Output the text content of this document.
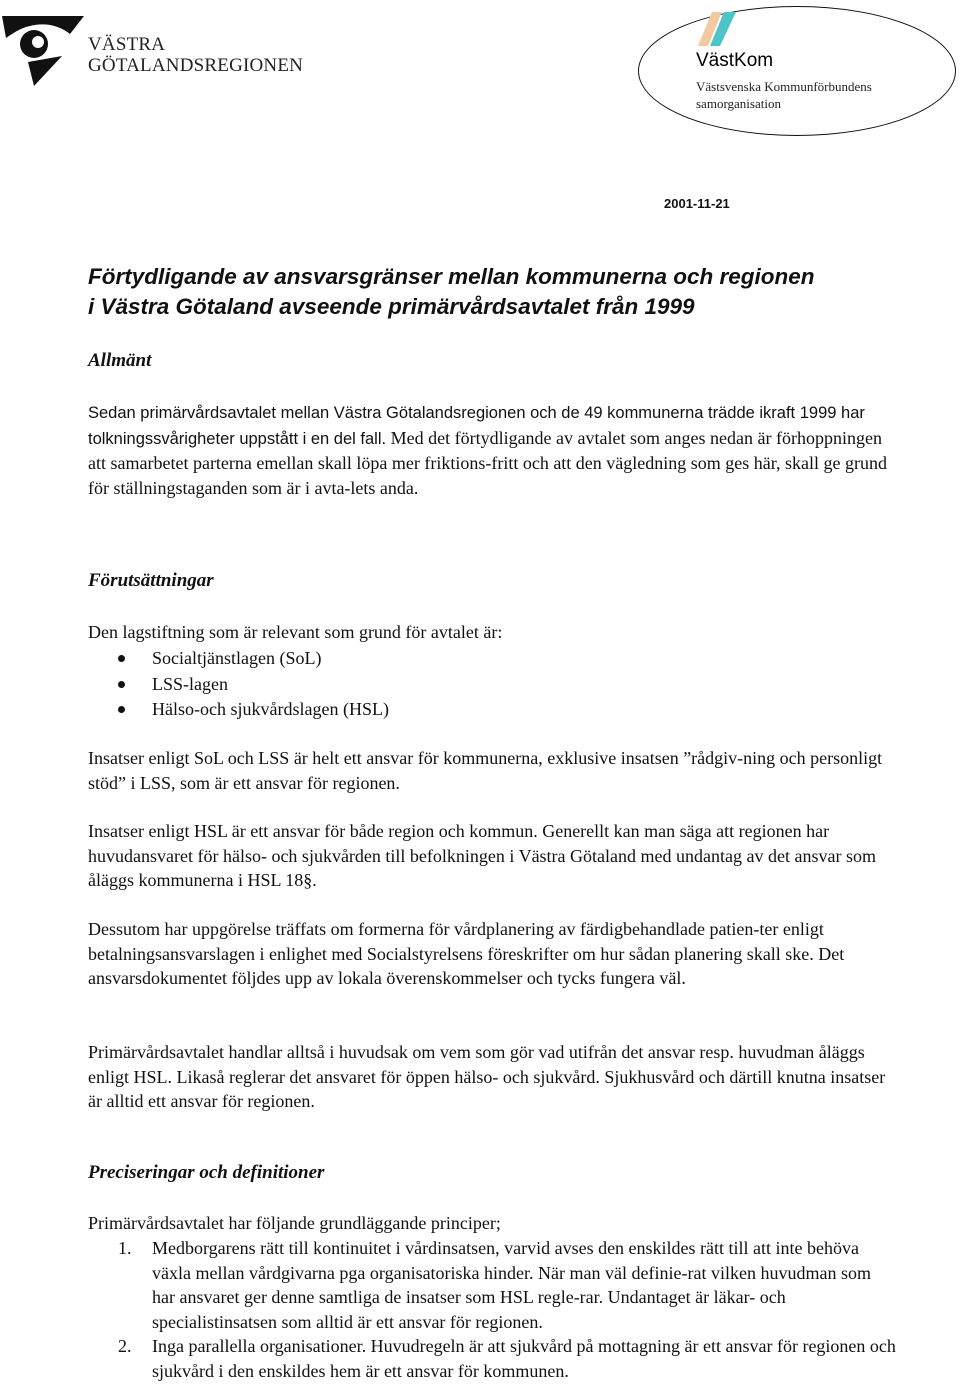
VÄSTRA
GÖTALANDSREGIONEN	VästKom
Västsvenska Kommunförbundens samorganisation
2001-11-21
Förtydligande av ansvarsgränser mellan kommunerna och regionen
i Västra Götaland avseende primärvårdsavtalet från 1999
Allmänt
Sedan primärvårdsavtalet mellan Västra Götalandsregionen och de 49 kommunerna trädde ikraft 1999 har tolkningssvårigheter uppstått i en del fall. Med det förtydligande av avtalet som anges nedan är förhoppningen att samarbetet parterna emellan skall löpa mer friktions-fritt och att den vägledning som ges här, skall ge grund för ställningstaganden som är i avta-lets anda.
Förutsättningar
Den lagstiftning som är relevant som grund för avtalet är:
Socialtjänstlagen (SoL)
LSS-lagen
Hälso-och sjukvårdslagen (HSL)
Insatser enligt SoL och LSS är helt ett ansvar för kommunerna, exklusive insatsen ”rådgiv-ning och personligt stöd” i LSS, som är ett ansvar för regionen.
Insatser enligt HSL är ett ansvar för både region och kommun. Generellt kan man säga att regionen har huvudansvaret för hälso- och sjukvården till befolkningen i Västra Götaland med undantag av det ansvar som åläggs kommunerna i HSL 18§.
Dessutom har uppgörelse träffats om formerna för vårdplanering av färdigbehandlade patien-ter enligt betalningsansvarslagen i enlighet med Socialstyrelsens föreskrifter om hur sådan planering skall ske. Det ansvarsdokumentet följdes upp av lokala överenskommelser och tycks fungera väl.
Primärvårdsavtalet handlar alltså i huvudsak om vem som gör vad utifrån det ansvar resp. huvudman åläggs enligt HSL. Likaså reglerar det ansvaret för öppen hälso- och sjukvård. Sjukhusvård och därtill knutna insatser är alltid ett ansvar för regionen.
Preciseringar och definitioner
Primärvårdsavtalet har följande grundläggande principer;
1. Medborgarens rätt till kontinuitet i vårdinsatsen, varvid avses den enskildes rätt till att inte behöva växla mellan vårdgivarna pga organisatoriska hinder. När man väl definie-rat vilken huvudman som har ansvaret ger denne samtliga de insatser som HSL regle-rar. Undantaget är läkar- och specialistinsatsen som alltid är ett ansvar för regionen.
2. Inga parallella organisationer. Huvudregeln är att sjukvård på mottagning är ett ansvar för regionen och sjukvård i den enskildes hem är ett ansvar för kommunen.
